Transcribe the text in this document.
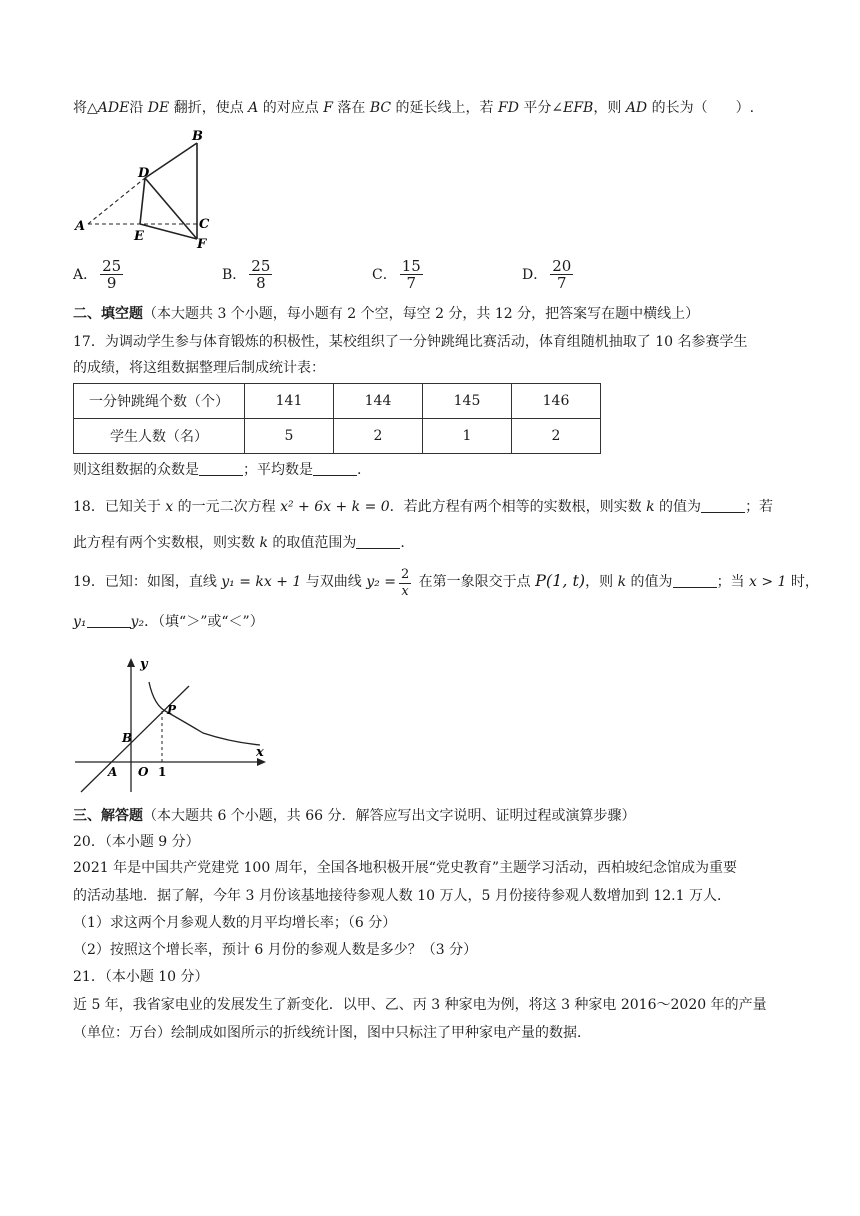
将△ADE沿 DE 翻折，使点 A 的对应点 F 落在 BC 的延长线上，若 FD 平分∠EFB，则 AD 的长为（　　）.
B
D
A
E
C
F
A． $\frac{25}{9}$	B． $\frac{25}{8}$	C． $\frac{15}{7}$	D． $\frac{20}{7}$
二、填空题（本大题共 3 个小题，每小题有 2 个空，每空 2 分，共 12 分，把答案写在题中横线上）
17．为调动学生参与体育锻炼的积极性，某校组织了一分钟跳绳比赛活动，体育组随机抽取了 10 名参赛学生
的成绩，将这组数据整理后制成统计表：
一分钟跳绳个数（个）	141	144	145	146
学生人数（名）	5	2	1	2
则这组数据的众数是	；平均数是	.
18．已知关于 x 的一元二次方程 x² + 6x + k = 0．若此方程有两个相等的实数根，则实数 k 的值为	；若
此方程有两个实数根，则实数 k 的取值范围为	.
19．已知：如图，直线 y₁ = kx + 1 与双曲线 $y_2 = \frac{2}{x}$ 在第一象限交于点 P(1, t)，则 k 的值为	；当 x > 1 时，
y₁	y₂．（填“＞”或“＜”）
y
x
P
B
A O 1
三、解答题（本大题共 6 个小题，共 66 分．解答应写出文字说明、证明过程或演算步骤）
20．（本小题 9 分）
2021 年是中国共产党建党 100 周年，全国各地积极开展“党史教育”主题学习活动，西柏坡纪念馆成为重要
的活动基地．据了解，今年 3 月份该基地接待参观人数 10 万人，5 月份接待参观人数增加到 12.1 万人．
（1）求这两个月参观人数的月平均增长率；（6 分）
（2）按照这个增长率，预计 6 月份的参观人数是多少？（3 分）
21．（本小题 10 分）
近 5 年，我省家电业的发展发生了新变化．以甲、乙、丙 3 种家电为例，将这 3 种家电 2016～2020 年的产量
（单位：万台）绘制成如图所示的折线统计图，图中只标注了甲种家电产量的数据．
